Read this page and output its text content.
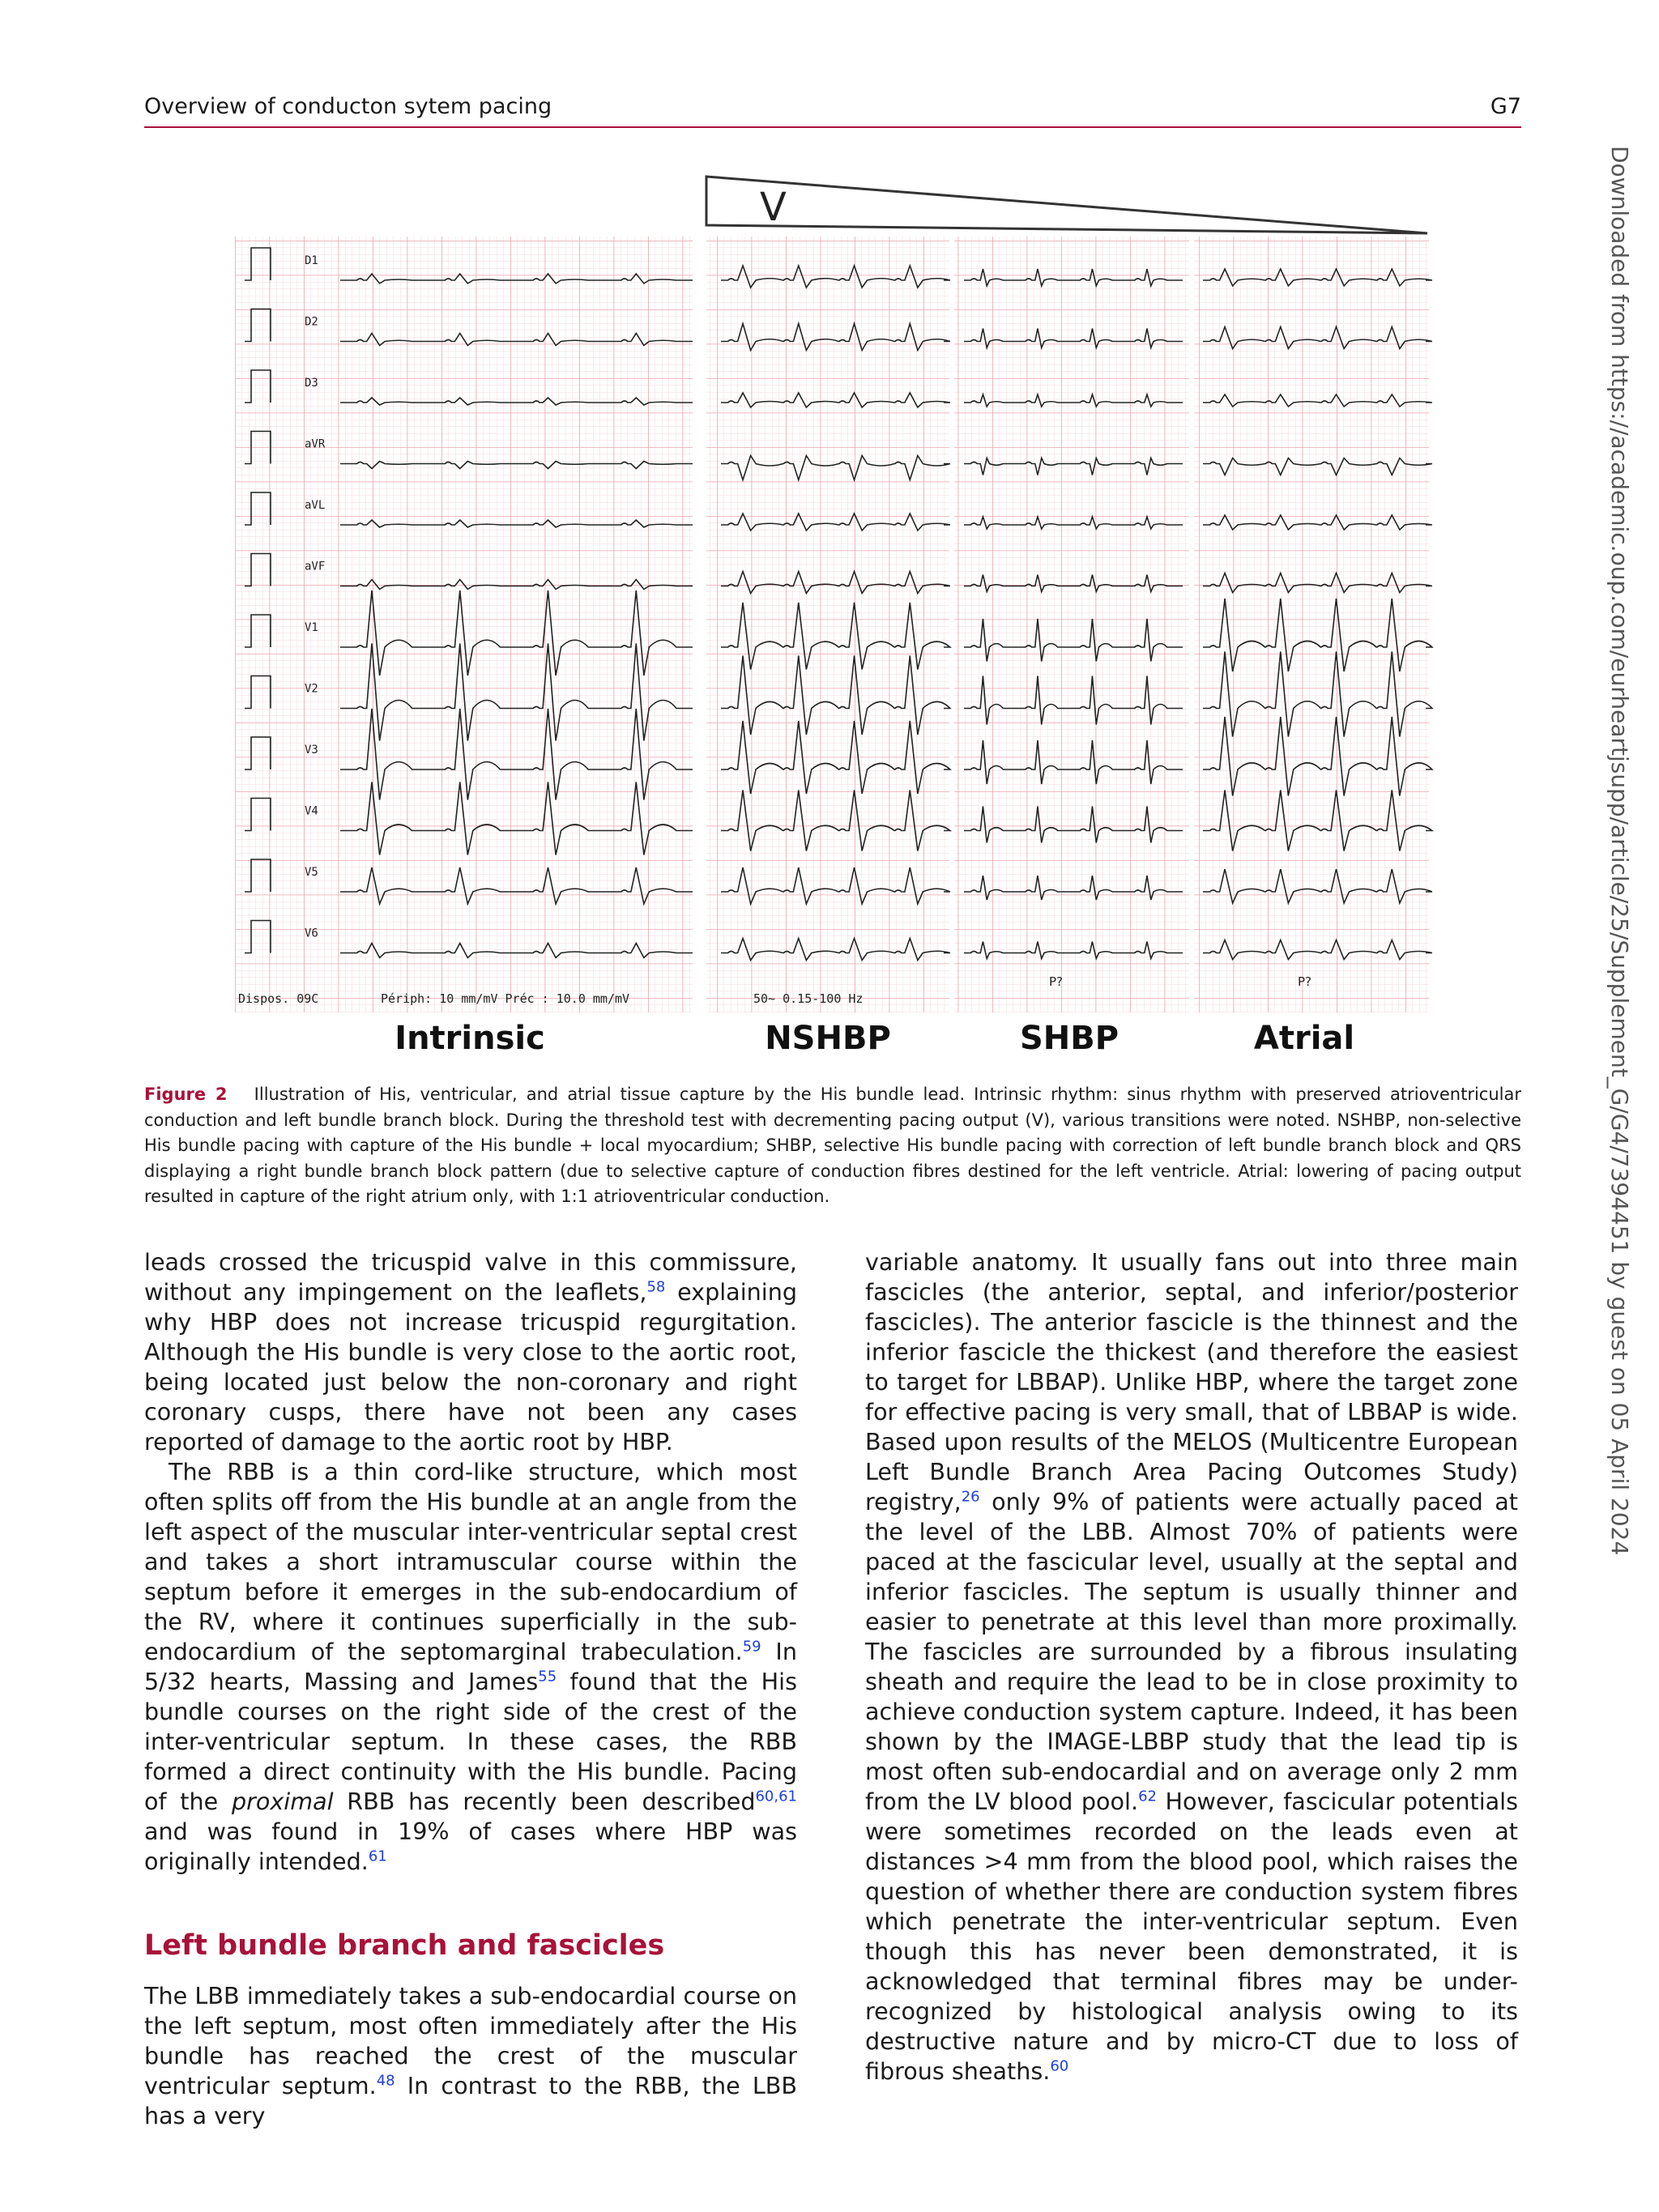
Overview of conducton sytem pacing	G7
V
Dispos. 09C	Périph: 10 mm/mV Préc : 10.0 mm/mV
Intrinsic
50~ 0.15-100 Hz
NSHBP
P?
SHBP
P?
Atrial
D1
D2
D3
aVR
aVL
aVF
V1
V2
V3
V4
V5
V6
Figure 2 Illustration of His, ventricular, and atrial tissue capture by the His bundle lead. Intrinsic rhythm: sinus rhythm with preserved atrioventricular conduction and left bundle branch block. During the threshold test with decrementing pacing output (V), various transitions were noted. NSHBP, non-selective His bundle pacing with capture of the His bundle + local myocardium; SHBP, selective His bundle pacing with correction of left bundle branch block and QRS displaying a right bundle branch block pattern (due to selective capture of conduction fibres destined for the left ventricle. Atrial: lowering of pacing output resulted in capture of the right atrium only, with 1:1 atrioventricular conduction.

leads crossed the tricuspid valve in this commissure, without any impingement on the leaflets,$^{58}$ explaining why HBP does not increase tricuspid regurgitation. Although the His bundle is very close to the aortic root, being located just below the non-coronary and right coronary cusps, there have not been any cases reported of damage to the aortic root by HBP.

The RBB is a thin cord-like structure, which most often splits off from the His bundle at an angle from the left aspect of the muscular inter-ventricular septal crest and takes a short intramuscular course within the septum before it emerges in the sub-endocardium of the RV, where it continues superficially in the sub-endocardium of the septomarginal trabeculation.$^{59}$ In 5/32 hearts, Massing and James$^{55}$ found that the His bundle courses on the right side of the crest of the inter-ventricular septum. In these cases, the RBB formed a direct continuity with the His bundle. Pacing of the proximal RBB has recently been described$^{60,61}$ and was found in 19% of cases where HBP was originally intended.$^{61}$

Left bundle branch and fascicles

The LBB immediately takes a sub-endocardial course on the left septum, most often immediately after the His bundle has reached the crest of the muscular ventricular septum.$^{48}$ In contrast to the RBB, the LBB has a very

variable anatomy. It usually fans out into three main fascicles (the anterior, septal, and inferior/posterior fascicles). The anterior fascicle is the thinnest and the inferior fascicle the thickest (and therefore the easiest to target for LBBAP). Unlike HBP, where the target zone for effective pacing is very small, that of LBBAP is wide. Based upon results of the MELOS (Multicentre European Left Bundle Branch Area Pacing Outcomes Study) registry,$^{26}$ only 9% of patients were actually paced at the level of the LBB. Almost 70% of patients were paced at the fascicular level, usually at the septal and inferior fascicles. The septum is usually thinner and easier to penetrate at this level than more proximally. The fascicles are surrounded by a fibrous insulating sheath and require the lead to be in close proximity to achieve conduction system capture. Indeed, it has been shown by the IMAGE-LBBP study that the lead tip is most often sub-endocardial and on average only 2 mm from the LV blood pool.$^{62}$ However, fascicular potentials were sometimes recorded on the leads even at distances >4 mm from the blood pool, which raises the question of whether there are conduction system fibres which penetrate the inter-ventricular septum. Even though this has never been demonstrated, it is acknowledged that terminal fibres may be under-recognized by histological analysis owing to its destructive nature and by micro-CT due to loss of fibrous sheaths.$^{60}$

Downloaded from https://academic.oup.com/eurheartjsupp/article/25/Supplement_G/G4/7394451 by guest on 05 April 2024
